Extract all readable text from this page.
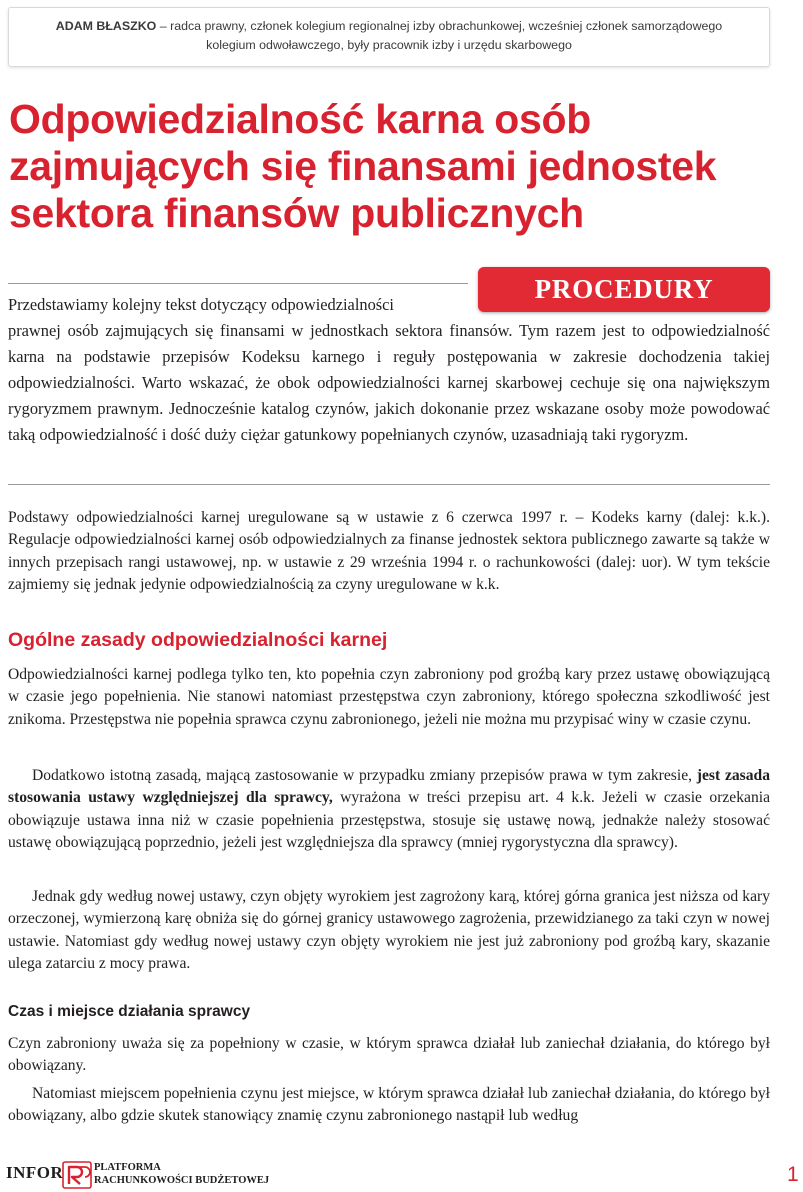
ADAM BŁASZKO – radca prawny, członek kolegium regionalnej izby obrachunkowej, wcześniej członek samorządowego
kolegium odwoławczego, były pracownik izby i urzędu skarbowego
Odpowiedzialność karna osób
zajmujących się finansami jednostek
sektora finansów publicznych
PROCEDURY

Przedstawiamy kolejny tekst dotyczący odpowiedzialności

prawnej osób zajmujących się finansami w jednostkach sektora finansów. Tym razem jest to odpowiedzialność karna na podstawie przepisów Kodeksu karnego i reguły postępowania w zakresie dochodzenia takiej odpowiedzialności. Warto wskazać, że obok odpowiedzialności karnej skarbowej cechuje się ona największym rygoryzmem prawnym. Jednocześnie katalog czynów, jakich dokonanie przez wskazane osoby może powodować taką odpowiedzialność i dość duży ciężar gatunkowy popełnianych czynów, uzasadniają taki rygoryzm.

Podstawy odpowiedzialności karnej uregulowane są w ustawie z 6 czerwca 1997 r. – Kodeks karny (dalej: k.k.). Regulacje odpowiedzialności karnej osób odpowiedzialnych za finanse jednostek sektora publicznego zawarte są także w innych przepisach rangi ustawowej, np. w ustawie z 29 września 1994 r. o rachunkowości (dalej: uor). W tym tekście zajmiemy się jednak jedynie odpowiedzialnością za czyny uregulowane w k.k.

Ogólne zasady odpowiedzialności karnej

Odpowiedzialności karnej podlega tylko ten, kto popełnia czyn zabroniony pod groźbą kary przez ustawę obowiązującą w czasie jego popełnienia. Nie stanowi natomiast przestępstwa czyn zabroniony, którego społeczna szkodliwość jest znikoma. Przestępstwa nie popełnia sprawca czynu zabronionego, jeżeli nie można mu przypisać winy w czasie czynu.

Dodatkowo istotną zasadą, mającą zastosowanie w przypadku zmiany przepisów prawa w tym zakresie, jest zasada stosowania ustawy względniejszej dla sprawcy, wyrażona w treści przepisu art. 4 k.k. Jeżeli w czasie orzekania obowiązuje ustawa inna niż w czasie popełnienia przestępstwa, stosuje się ustawę nową, jednakże należy stosować ustawę obowiązującą poprzednio, jeżeli jest względniejsza dla sprawcy (mniej rygorystyczna dla sprawcy).

Jednak gdy według nowej ustawy, czyn objęty wyrokiem jest zagrożony karą, której górna granica jest niższa od kary orzeczonej, wymierzoną karę obniża się do górnej granicy ustawowego zagrożenia, przewidzianego za taki czyn w nowej ustawie. Natomiast gdy według nowej ustawy czyn objęty wyrokiem nie jest już zabroniony pod groźbą kary, skazanie ulega zatarciu z mocy prawa.

Czas i miejsce działania sprawcy

Czyn zabroniony uważa się za popełniony w czasie, w którym sprawca działał lub zaniechał działania, do którego był obowiązany.

Natomiast miejscem popełnienia czynu jest miejsce, w którym sprawca działał lub zaniechał działania, do którego był obowiązany, albo gdzie skutek stanowiący znamię czynu zabronionego nastąpił lub według

INFOR	PLATFORMA
RACHUNKOWOŚCI BUDŻETOWEJ	1
